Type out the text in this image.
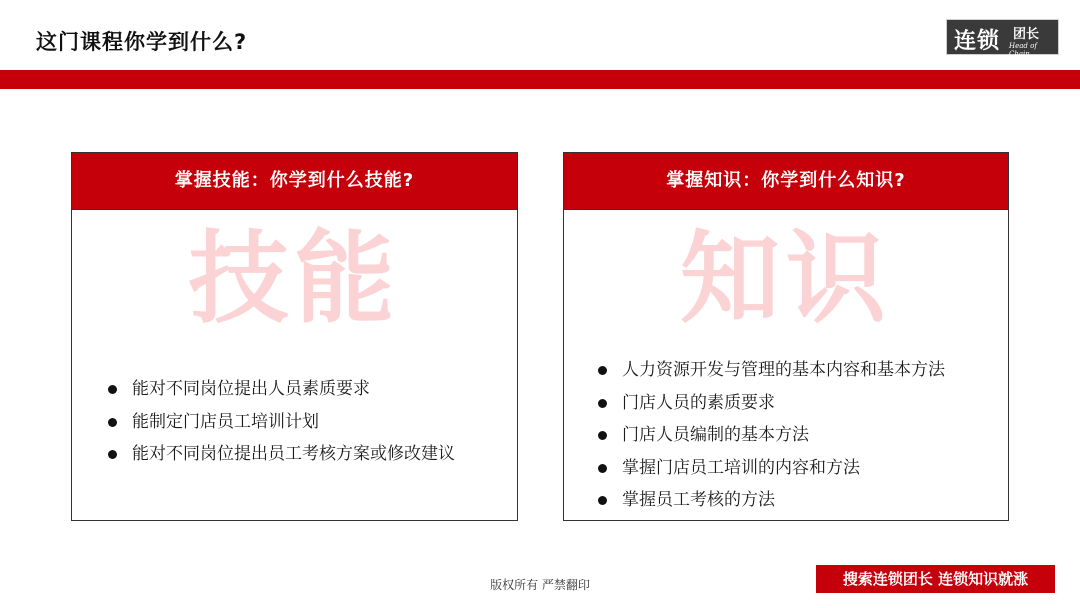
这门课程你学到什么?	连锁 团长
Head of Chain
掌握技能：你学到什么技能?
技能
能对不同岗位提出人员素质要求
能制定门店员工培训计划
能对不同岗位提出员工考核方案或修改建议
掌握知识：你学到什么知识?
知识
人力资源开发与管理的基本内容和基本方法
门店人员的素质要求
门店人员编制的基本方法
掌握门店员工培训的内容和方法
掌握员工考核的方法
版权所有 严禁翻印	搜索连锁团长 连锁知识就涨
